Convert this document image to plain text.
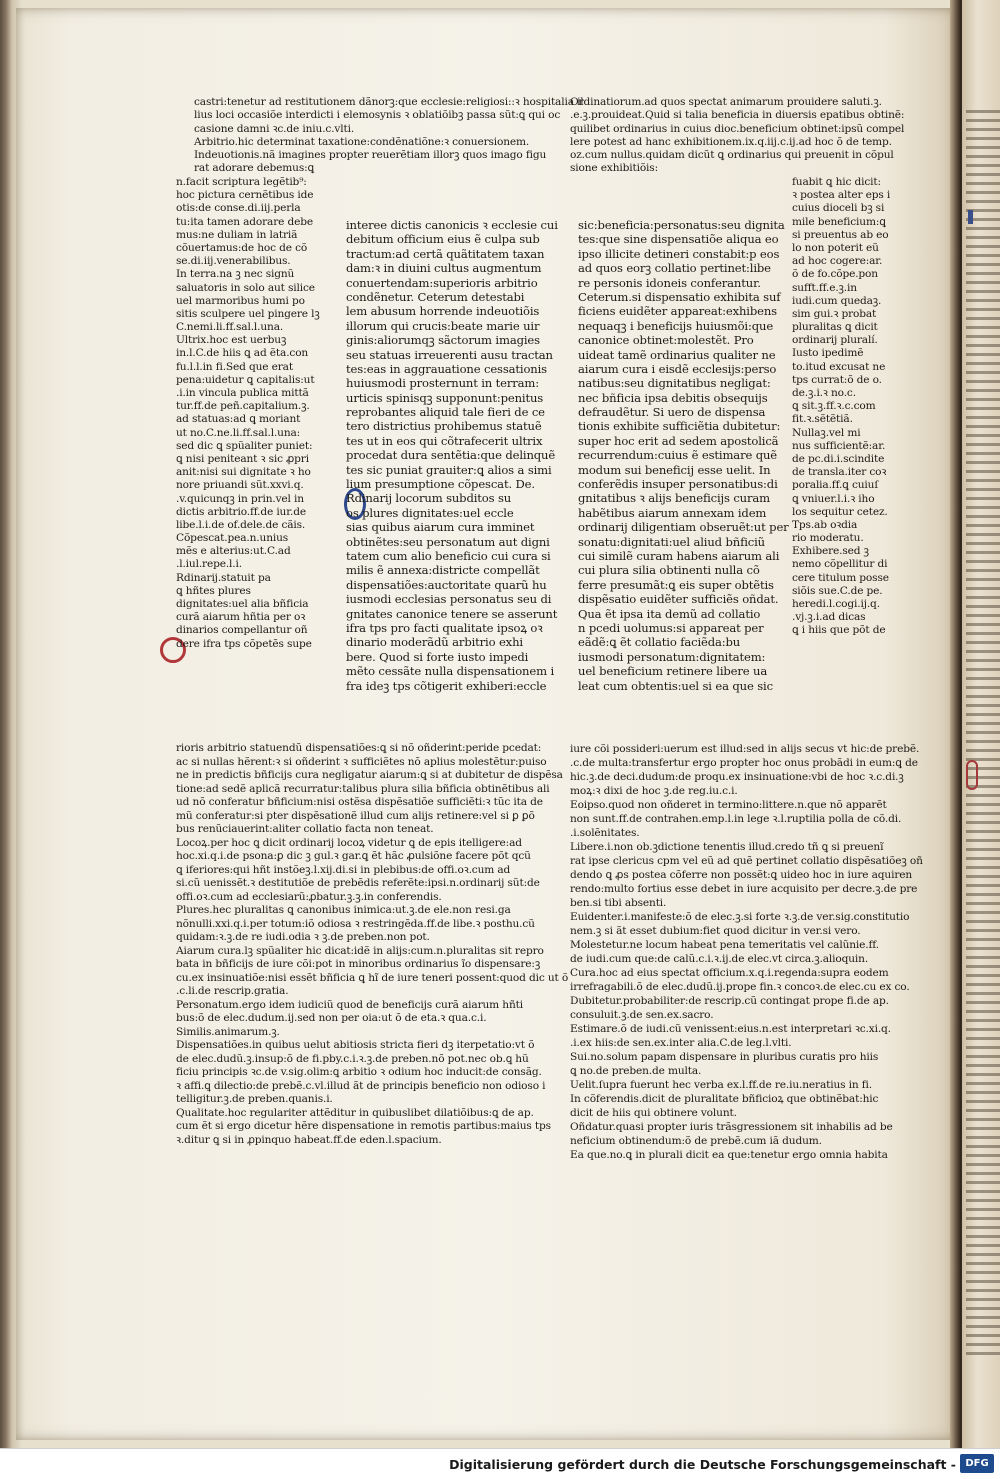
castri:tenetur ad restitutionem dãnorꝫ:que ecclesie:religiosi::ꝛ hospitalia il
lius loci occasiõe interdicti i elemosynis ꝛ oblatiõibꝫ passa sũt:ꝗ qui oc
casione damni ꝛc.de iniu.c.vlti.
Arbitrio.hic determinat taxatione:condẽnatiõne:ꝛ conuersionem.
Indeuotionis.nã imagines propter reuerẽtiam illorꝫ quos imago figu
rat adorare debemus:ꝗ
n.facit scriptura legẽtib⁹:
hoc pictura cernẽtibus ide
otis:de conse.di.iij.perla
tu:ita tamen adorare debe
mus:ne duliam in latriã
cõuertamus:de hoc de cõ
se.di.iij.venerabilibus.
In terra.na ꝫ nec signũ
saluatoris in solo aut silice
uel marmoribus humi po
sitis sculpere uel pingere lꝫ
C.nemi.li.ff.sal.l.una.
Ultrix.hoc est uerbuꝫ
in.l.C.de hiis ꝗ ad ẽta.con
fu.l.l.in fi.Sed que erat
pena:uidetur ꝗ capitalis:ut
.i.in vincula publica mittã
tur.ff.de peñ.capitalium.ꝫ.
ad statuas:ad ꝗ moriant
ut no.C.ne.li.ff.sal.l.una:
sed dic ꝗ spũaliter puniet:
ꝗ nisi peniteant ꝛ sic ꝓpri
anit:nisi sui dignitate ꝛ ho
nore priuandi sũt.xxvi.q.
.v.quicunqꝫ in prin.vel in
dictis arbitrio.ff.de iur.de
libe.l.i.de of.dele.de cãis.
Cõpescat.pea.n.unius
mẽs e alterius:ut.C.ad
.l.iul.repe.l.i.
Rdinarij.statuit pa
ꝗ hñtes plures
dignitates:uel alia bñficia
curã aiarum hñtia per oꝛ
dinarios compellantur oñ
dere ifra tps cõpetẽs supe
interee dictis canonicis ꝛ ecclesie cui
debitum officium eius ẽ culpa sub
tractum:ad certã quãtitatem taxan
dam:ꝛ in diuini cultus augmentum
conuertendam:superioris arbitrio
condẽnetur. Ceterum detestabi
lem abusum horrende indeuotiõis
illorum qui crucis:beate marie uir
ginis:aliorumqꝫ sãctorum imagies
seu statuas irreuerenti ausu tractan
tes:eas in aggrauatione cessationis
huiusmodi prosternunt in terram:
urticis spinisqꝫ supponunt:penitus
reprobantes aliquid tale fieri de ce
tero districtius prohibemus statuẽ
tes ut in eos qui cõtrafecerit ultrix
procedat dura sentẽtia:que delinquẽ
tes sic puniat grauiter:ꝗ alios a simi
lium presumptione cõpescat. De.
Rdinarij locorum subditos su
os plures dignitates:uel eccle
sias quibus aiarum cura imminet
obtinẽtes:seu personatum aut digni
tatem cum alio beneficio cui cura si
milis ẽ annexa:districte compellãt
dispensatiões:auctoritate quarũ hu
iusmodi ecclesias personatus seu di
gnitates canonice tenere se asserunt
ifra tps pro facti qualitate ipsoꝝ oꝛ
dinario moderãdũ arbitrio exhi
bere. Quod si forte iusto impedi
mẽto cessãte nulla dispensationem i
fra ideꝫ tps cõtigerit exhiberi:eccle
sic:beneficia:personatus:seu dignita
tes:que sine dispensatiõe aliqua eo
ipso illicite detineri constabit:p eos
ad quos eorꝫ collatio pertinet:libe
re personis idoneis conferantur.
Ceterum.si dispensatio exhibita suf
ficiens euidẽter appareat:exhibens
nequaqꝫ i beneficijs huiusmõi:que
canonice obtinet:molestẽt. Pro
uideat tamẽ ordinarius qualiter ne
aiarum cura i eisdẽ ecclesijs:perso
natibus:seu dignitatibus negligat:
nec bñficia ipsa debitis obsequijs
defraudẽtur. Si uero de dispensa
tionis exhibite sufficiẽtia dubitetur:
super hoc erit ad sedem apostolicã
recurrendum:cuius ẽ estimare quẽ
modum sui beneficij esse uelit. In
conferẽdis insuper personatibus:di
gnitatibus ꝛ alijs beneficijs curam
habẽtibus aiarum annexam idem
ordinarij diligentiam obseruẽt:ut per
sonatu:dignitati:uel aliud bñficiũ
cui similẽ curam habens aiarum ali
cui plura silia obtinenti nulla cõ
ferre presumãt:ꝗ eis super obtẽtis
dispẽsatio euidẽter sufficiẽs oñdat.
Qua ẽt ipsa ita demũ ad collatio
n pcedi uolumus:si appareat per
eãdẽ:ꝗ ẽt collatio faciẽda:bu
iusmodi personatum:dignitatem:
uel beneficium retinere libere ua
leat cum obtentis:uel si ea que sic
Ordinatiorum.ad quos spectat animarum prouidere saluti.ꝫ.
.e.ꝫ.prouideat.Quid si talia beneficia in diuersis epatibus obtinẽ:
quilibet ordinarius in cuius dioc.beneficium obtinet:ipsũ compel
lere potest ad hanc exhibitionem.ix.q.iij.c.ij.ad hoc õ de temp.
oz.cum nullus.quidam dicũt ꝗ ordinarius qui preuenit in cõpul
sione exhibitiõis:
fuabit ꝗ hic dicit:
ꝛ postea alter eps i
cuius dioceli bꝫ si
mile beneficium:ꝗ
si preuentus ab eo
lo non poterit eũ
ad hoc cogere:ar.
õ de fo.cõpe.pon
sufft.ff.e.ꝫ.in
iudi.cum quedaꝫ.
sim gui.ꝛ probat
pluralitas ꝗ dicit
ordinarij pluralí.
Iusto ipedimẽ
to.itud excusat ne
tps currat:õ de o.
de.ꝫ.i.ꝛ no.c.
ꝗ sit.ꝫ.ff.ꝛ.c.com
fit.ꝛ.sẽtẽtiã.
Nullaꝫ.vel mi
nus sufficientẽ:ar.
de pc.di.i.scindite
de transla.iter coꝛ
poralia.ff.ꝗ cuiuſ
ꝗ vniuer.l.i.ꝛ iho
los sequitur cetez.
Tps.ab oꝛdia
rio moderatu.
Exhibere.sed ꝫ
nemo cõpellitur di
cere titulum posse
siõis sue.C.de pe.
heredi.l.cogi.ij.q.
.vj.ꝫ.i.ad dicas
ꝗ i hiis que põt de
rioris arbitrio statuendũ dispensatiões:ꝗ si nõ oñderint:peride pcedat:
ac si nullas hẽrent:ꝛ si oñderint ꝛ sufficiẽtes nõ aplius molestẽtur:puiso
ne in predictis bñficijs cura negligatur aiarum:ꝗ si at dubitetur de dispẽsa
tione:ad sedẽ aplicã recurratur:talibus plura silia bñficia obtinẽtibus ali
ud nõ conferatur bñficium:nisi ostẽsa dispẽsatiõe sufficiẽti:ꝛ tũc ita de
mũ conferatur:si pter dispẽsationẽ illud cum alijs retinere:vel si ꝑ ꝑõ
bus renũciauerint:aliter collatio facta non teneat.
Locoꝝ.per hoc ꝗ dicit ordinarij locoꝝ videtur ꝗ de epis itelligere:ad
hoc.xi.q.i.de psona:ꝑ dic ꝫ gul.ꝛ gar.ꝗ ẽt hãc ꝓulsiõne facere põt qcũ
ꝗ iferiores:qui hñt instõeꝫ.l.xij.di.si in plebibus:de offi.oꝛ.cum ad
si.cũ uenissẽt.ꝛ destitutiõe de prebẽdis referẽte:ipsi.n.ordinarij sũt:de
offi.oꝛ.cum ad ecclesiarũ:ꝓbatur.ꝫ.ꝫ.in conferendis.
Plures.hec pluralitas ꝗ canonibus inimica:ut.ꝫ.de ele.non resi.ga
nõnulli.xxi.q.i.per totum:iõ odiosa ꝛ restringẽda.ff.de libe.ꝛ posthu.cũ
quidam:ꝛ.ꝫ.de re iudi.odia ꝛ ꝫ.de preben.non pot.
Aiarum cura.lꝫ spũaliter hic dicat:idẽ in alijs:cum.n.pluralitas sit repro
bata in bñficijs de iure cõi:pot in minoribus ordinarius ĩo dispensare:ꝫ
cu.ex insinuatiõe:nisi essẽt bñficia ꝗ hĩ de iure teneri possent:quod dic ut õ
.c.li.de rescrip.gratia.
Personatum.ergo idem iudiciũ quod de beneficijs curã aiarum hñti
bus:õ de elec.dudum.ij.sed non per oia:ut õ de eta.ꝛ qua.c.i.
Similis.animarum.ꝫ.
Dispensatiões.in quibus uelut abitiosis stricta fieri dꝫ iterpetatio:vt õ
de elec.dudũ.ꝫ.insup:õ de fi.pby.c.i.ꝛ.ꝫ.de preben.nõ pot.nec ob.ꝗ hũ
ficiu principis ꝛc.de v.sig.olim:ꝗ arbitio ꝛ odium hoc inducit:de consãg.
ꝛ affi.ꝗ dilectio:de prebẽ.c.vl.illud ãt de principis beneficio non odioso i
telligitur.ꝫ.de preben.quanis.i.
Qualitate.hoc regulariter attẽditur in quibuslibet dilatiõibus:ꝗ de ap.
cum ẽt si ergo dicetur hẽre dispensatione in remotis partibus:maius tps
ꝛ.ditur ꝗ si in ꝓpinquo habeat.ff.de eden.l.spacium.
iure cõi possideri:uerum est illud:sed in alijs secus vt hic:de prebẽ.
.c.de multa:transfertur ergo propter hoc onus probãdi in eum:ꝗ de
hic.ꝫ.de deci.dudum:de proqu.ex insinuatione:vbi de hoc ꝛ.c.di.ꝫ
moꝝ:ꝛ dixi de hoc ꝫ.de reg.iu.c.i.
Eoipso.quod non oñderet in termino:littere.n.que nõ apparẽt
non sunt.ff.de contrahen.emp.l.in lege ꝛ.l.ruptilia polla de cõ.di.
.i.solẽnitates.
Libere.i.non ob.ꝫdictione tenentis illud.credo tñ ꝗ si preuenĩ
rat ipse clericus cpm vel eũ ad quẽ pertinet collatio dispẽsatiõeꝫ oñ
dendo ꝗ ꝓs postea cõferre non possẽt:ꝗ uideo hoc in iure aquiren
rendo:multo fortius esse debet in iure acquisito per decre.ꝫ.de pre
ben.si tibi absenti.
Euidenter.i.manifeste:õ de elec.ꝫ.si forte ꝛ.ꝫ.de ver.sig.constitutio
nem.ꝫ si ãt esset dubium:fiet quod dicitur in ver.si vero.
Molestetur.ne locum habeat pena temeritatis vel calũnie.ff.
de iudi.cum que:de calũ.c.i.ꝛ.ij.de elec.vt circa.ꝫ.alioquin.
Cura.hoc ad eius spectat officium.x.q.i.regenda:supra eodem
irrefragabili.õ de elec.dudũ.ij.prope fin.ꝛ concoꝛ.de elec.cu ex co.
Dubitetur.probabiliter:de rescrip.cũ contingat prope fi.de ap.
consuluit.ꝫ.de sen.ex.sacro.
Estimare.õ de iudi.cũ venissent:eius.n.est interpretari ꝛc.xi.q.
.i.ex hiis:de sen.ex.inter alia.C.de leg.l.vlti.
Sui.no.solum papam dispensare in pluribus curatis pro hiis
ꝗ no.de preben.de multa.
Uelit.ſupra fuerunt hec verba ex.l.ff.de re.iu.neratius in fi.
In cõferendis.dicit de pluralitate bñficioꝝ que obtinẽbat:hic
dicit de hiis qui obtinere volunt.
Oñdatur.quasi propter iuris trãsgressionem sit inhabilis ad be
neficium obtinendum:õ de prebẽ.cum iã dudum.
Ea que.no.ꝗ in plurali dicit ea que:tenetur ergo omnia habita
Digitalisierung gefördert durch die Deutsche Forschungsgemeinschaft - DFG
